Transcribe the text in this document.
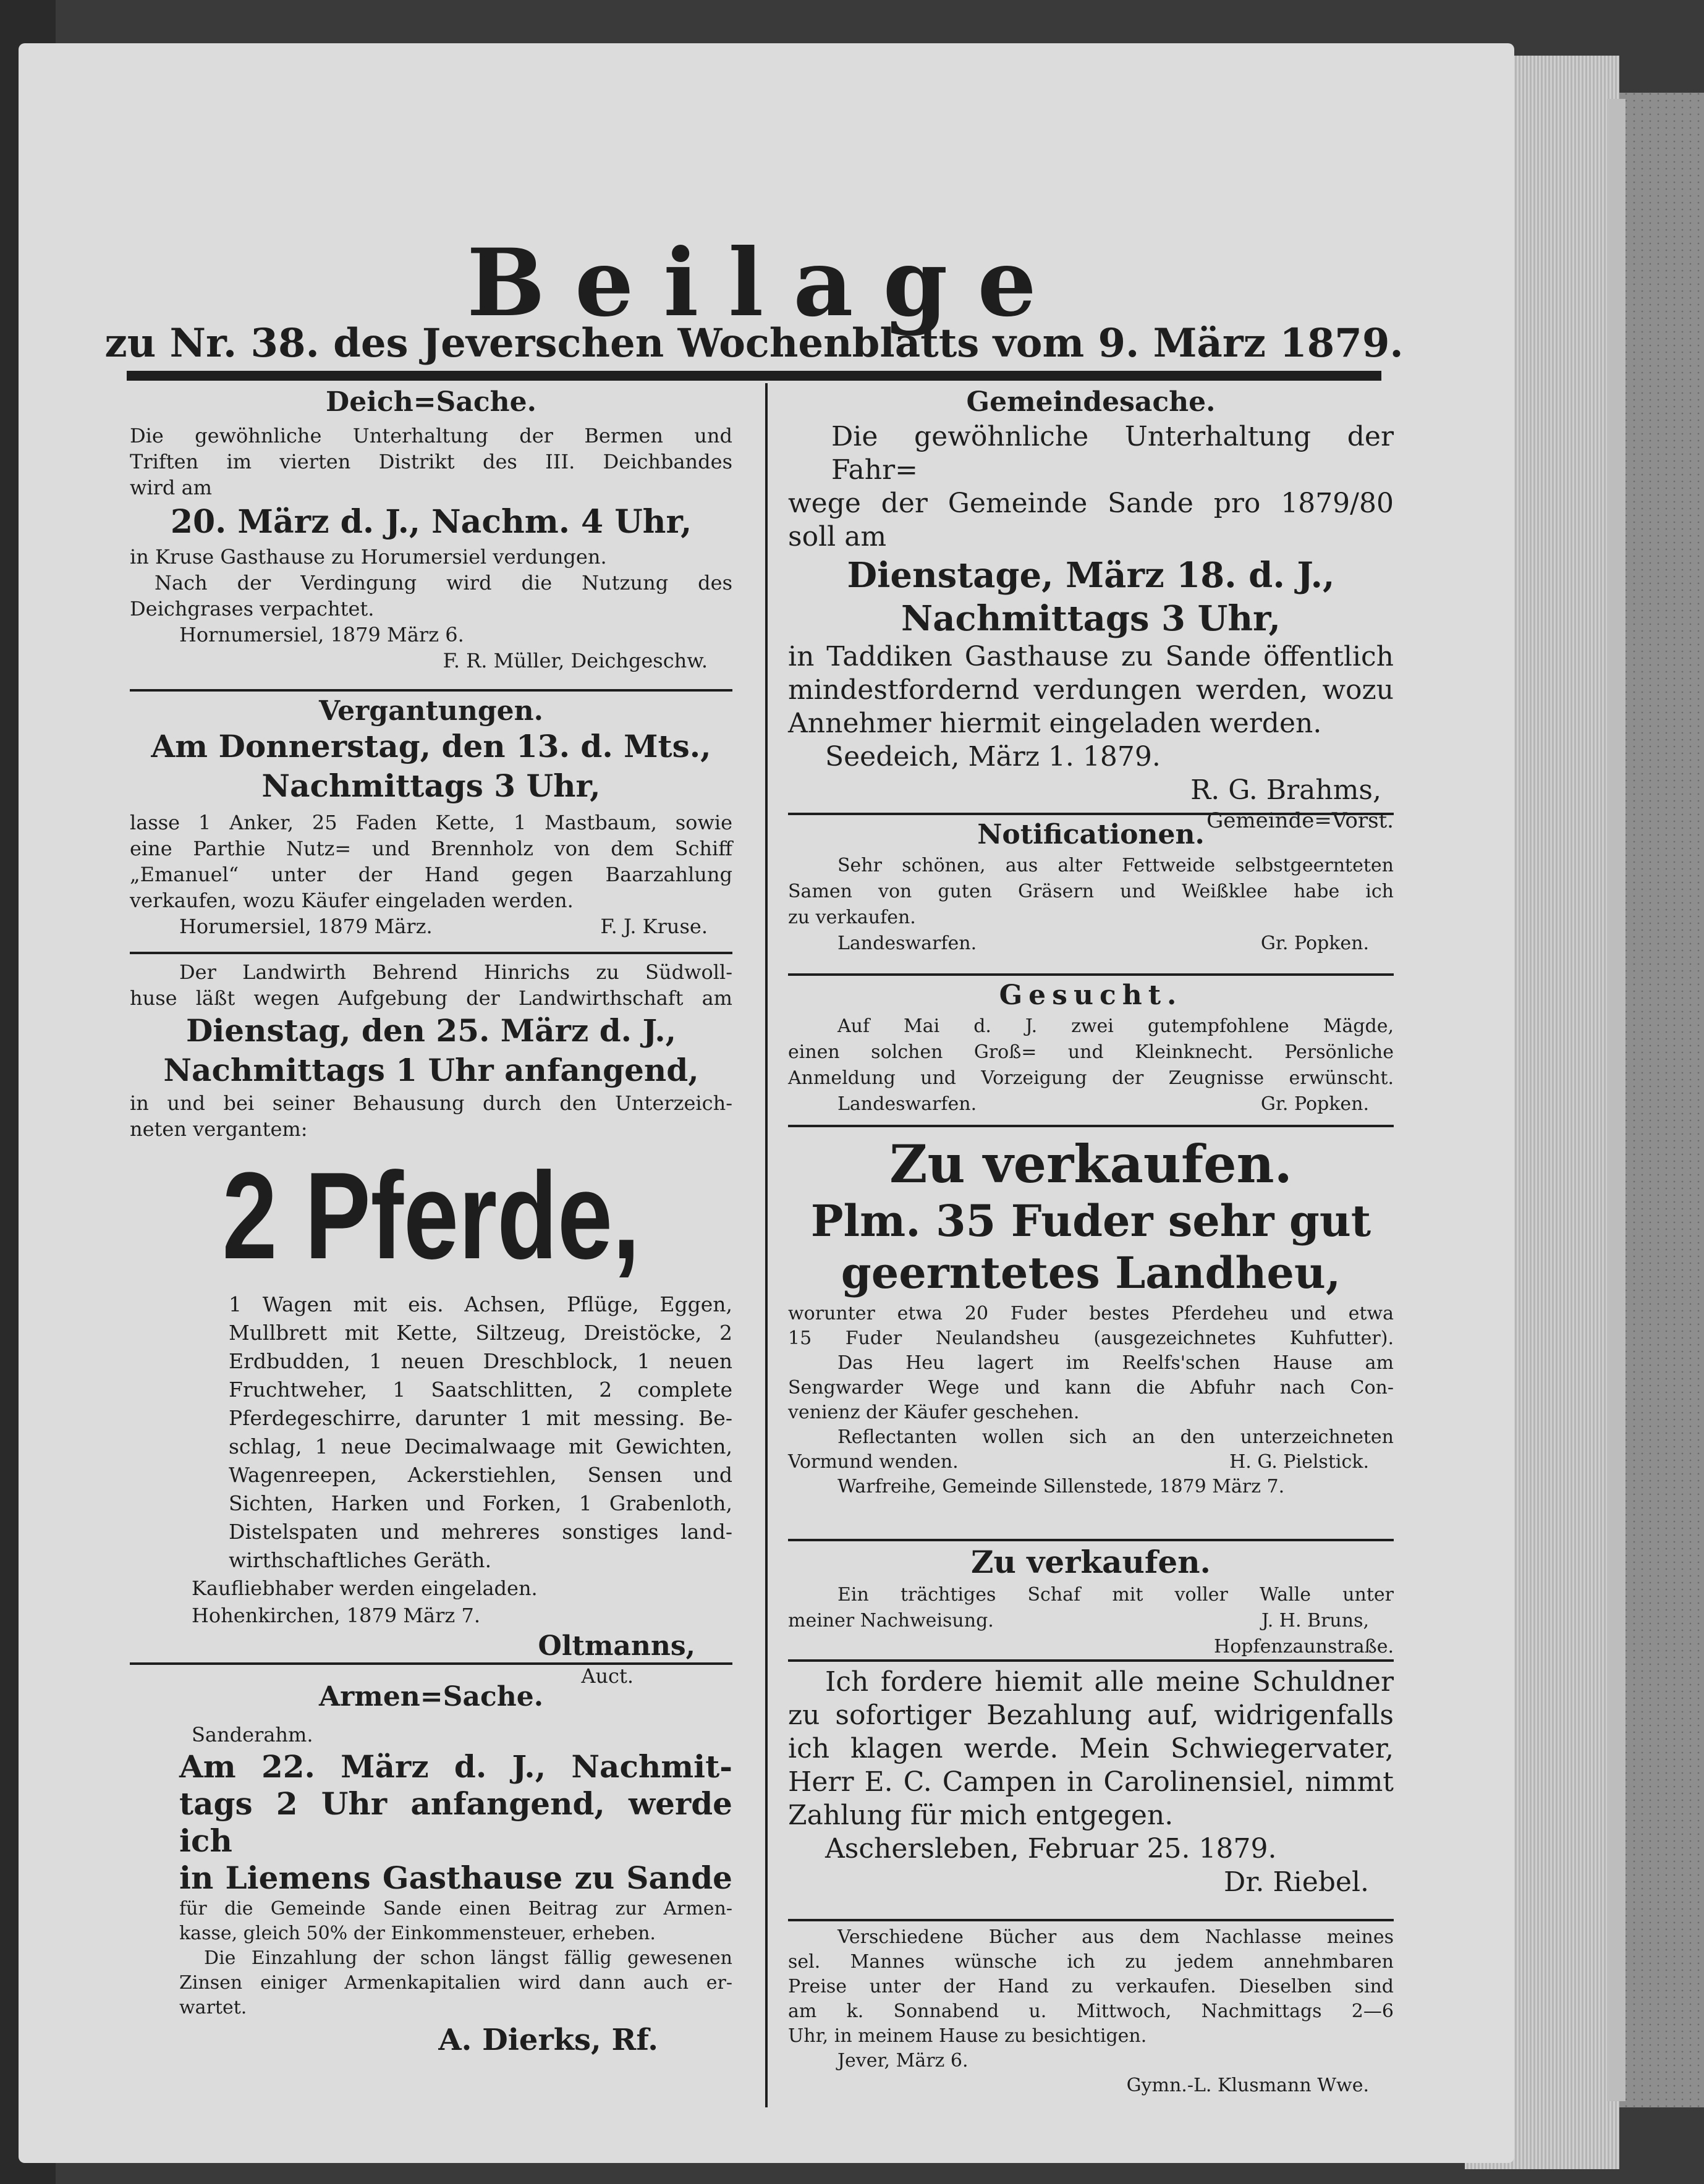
Beilage
zu Nr. 38. des Jeverschen Wochenblatts vom 9. März 1879.
Deich=Sache.

Die gewöhnliche Unterhaltung der Bermen und

Triften im vierten Distrikt des III. Deichbandes

wird am

20. März d. J., Nachm. 4 Uhr,

in Kruse Gasthause zu Horumersiel verdungen.

Nach der Verdingung wird die Nutzung des

Deichgrases verpachtet.

Hornumersiel, 1879 März 6.

F. R. Müller, Deichgeschw.

Vergantungen.

Am Donnerstag, den 13. d. Mts.,

Nachmittags 3 Uhr,

lasse 1 Anker, 25 Faden Kette, 1 Mastbaum, sowie

eine Parthie Nutz= und Brennholz von dem Schiff

„Emanuel“ unter der Hand gegen Baarzahlung

verkaufen, wozu Käufer eingeladen werden.

Horumersiel, 1879 März.	F. J. Kruse.

Der Landwirth Behrend Hinrichs zu Südwoll-

huse läßt wegen Aufgebung der Landwirthschaft am

Dienstag, den 25. März d. J.,

Nachmittags 1 Uhr anfangend,

in und bei seiner Behausung durch den Unterzeich-

neten vergantem:

2 Pferde,

1 Wagen mit eis. Achsen, Pflüge, Eggen,

Mullbrett mit Kette, Siltzeug, Dreistöcke, 2

Erdbudden, 1 neuen Dreschblock, 1 neuen

Fruchtweher, 1 Saatschlitten, 2 complete

Pferdegeschirre, darunter 1 mit messing. Be-

schlag, 1 neue Decimalwaage mit Gewichten,

Wagenreepen, Ackerstiehlen, Sensen und

Sichten, Harken und Forken, 1 Grabenloth,

Distelspaten und mehreres sonstiges land-

wirthschaftliches Geräth.

Kaufliebhaber werden eingeladen.

Hohenkirchen, 1879 März 7.

Oltmanns,

Auct.

Armen=Sache.

Sanderahm.

Am 22. März d. J., Nachmit-

tags 2 Uhr anfangend, werde ich

in Liemens Gasthause zu Sande

für die Gemeinde Sande einen Beitrag zur Armen-

kasse, gleich 50% der Einkommensteuer, erheben.

Die Einzahlung der schon längst fällig gewesenen

Zinsen einiger Armenkapitalien wird dann auch er-

wartet.

A. Dierks, Rf.

Gemeindesache.

Die gewöhnliche Unterhaltung der Fahr=

wege der Gemeinde Sande pro 1879/80

soll am

Dienstage, März 18. d. J.,

Nachmittags 3 Uhr,

in Taddiken Gasthause zu Sande öffentlich

mindestfordernd verdungen werden, wozu

Annehmer hiermit eingeladen werden.

Seedeich, März 1. 1879.

R. G. Brahms,

Gemeinde=Vorst.

Notificationen.

Sehr schönen, aus alter Fettweide selbstgeernteten

Samen von guten Gräsern und Weißklee habe ich

zu verkaufen.

Landeswarfen.	Gr. Popken.

Gesucht.

Auf Mai d. J. zwei gutempfohlene Mägde,

einen solchen Groß= und Kleinknecht. Persönliche

Anmeldung und Vorzeigung der Zeugnisse erwünscht.

Landeswarfen.	Gr. Popken.

Zu verkaufen.

Plm. 35 Fuder sehr gut

geerntetes Landheu,

worunter etwa 20 Fuder bestes Pferdeheu und etwa

15 Fuder Neulandsheu (ausgezeichnetes Kuhfutter).

Das Heu lagert im Reelfs'schen Hause am

Sengwarder Wege und kann die Abfuhr nach Con-

venienz der Käufer geschehen.

Reflectanten wollen sich an den unterzeichneten

Vormund wenden.	H. G. Pielstick.

Warfreihe, Gemeinde Sillenstede, 1879 März 7.

Zu verkaufen.

Ein trächtiges Schaf mit voller Walle unter

meiner Nachweisung.	J. H. Bruns,

Hopfenzaunstraße.

Ich fordere hiemit alle meine Schuldner

zu sofortiger Bezahlung auf, widrigenfalls

ich klagen werde. Mein Schwiegervater,

Herr E. C. Campen in Carolinensiel, nimmt

Zahlung für mich entgegen.

Aschersleben, Februar 25. 1879.

Dr. Riebel.

Verschiedene Bücher aus dem Nachlasse meines

sel. Mannes wünsche ich zu jedem annehmbaren

Preise unter der Hand zu verkaufen. Dieselben sind

am k. Sonnabend u. Mittwoch, Nachmittags 2—6

Uhr, in meinem Hause zu besichtigen.

Jever, März 6.

Gymn.-L. Klusmann Wwe.
